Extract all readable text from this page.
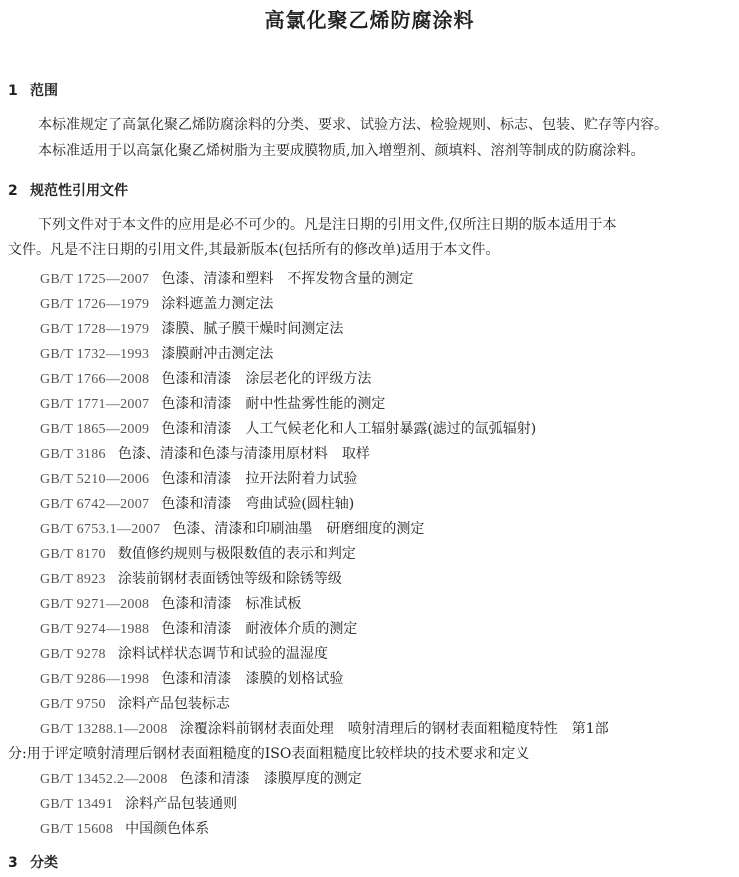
高氯化聚乙烯防腐涂料
1 范围
本标准规定了高氯化聚乙烯防腐涂料的分类、要求、试验方法、检验规则、标志、包装、贮存等内容。
本标准适用于以高氯化聚乙烯树脂为主要成膜物质,加入增塑剂、颜填料、溶剂等制成的防腐涂料。
2 规范性引用文件
下列文件对于本文件的应用是必不可少的。凡是注日期的引用文件,仅所注日期的版本适用于本
文件。凡是不注日期的引用文件,其最新版本(包括所有的修改单)适用于本文件。
GB/T 1725—2007 色漆、清漆和塑料　不挥发物含量的测定
GB/T 1726—1979 涂料遮盖力测定法
GB/T 1728—1979 漆膜、腻子膜干燥时间测定法
GB/T 1732—1993 漆膜耐冲击测定法
GB/T 1766—2008 色漆和清漆　涂层老化的评级方法
GB/T 1771—2007 色漆和清漆　耐中性盐雾性能的测定
GB/T 1865—2009 色漆和清漆　人工气候老化和人工辐射暴露(滤过的氙弧辐射)
GB/T 3186 色漆、清漆和色漆与清漆用原材料　取样
GB/T 5210—2006 色漆和清漆　拉开法附着力试验
GB/T 6742—2007 色漆和清漆　弯曲试验(圆柱轴)
GB/T 6753.1—2007 色漆、清漆和印刷油墨　研磨细度的测定
GB/T 8170 数值修约规则与极限数值的表示和判定
GB/T 8923 涂装前钢材表面锈蚀等级和除锈等级
GB/T 9271—2008 色漆和清漆　标准试板
GB/T 9274—1988 色漆和清漆　耐液体介质的测定
GB/T 9278 涂料试样状态调节和试验的温湿度
GB/T 9286—1998 色漆和清漆　漆膜的划格试验
GB/T 9750 涂料产品包装标志
GB/T 13288.1—2008 涂覆涂料前钢材表面处理　喷射清理后的钢材表面粗糙度特性　第1部
分:用于评定喷射清理后钢材表面粗糙度的ISO表面粗糙度比较样块的技术要求和定义
GB/T 13452.2—2008 色漆和清漆　漆膜厚度的测定
GB/T 13491 涂料产品包装通则
GB/T 15608 中国颜色体系
3 分类
